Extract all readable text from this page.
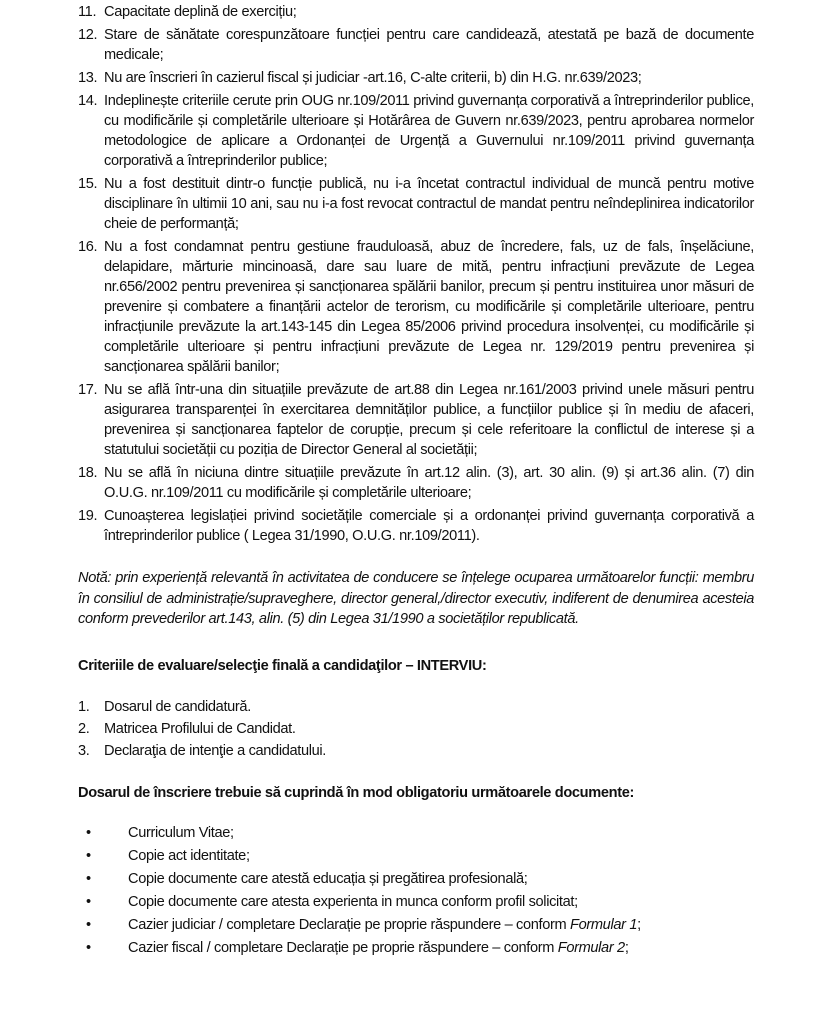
11. Capacitate deplină de exercițiu;
12. Stare de sănătate corespunzătoare funcției pentru care candidează, atestată pe bază de documente medicale;
13. Nu are înscrieri în cazierul fiscal și judiciar -art.16, C-alte criterii, b) din H.G. nr.639/2023;
14. Indeplinește criteriile cerute prin OUG nr.109/2011 privind guvernanța corporativă a întreprinderilor publice, cu modificările și completările ulterioare și Hotărârea de Guvern nr.639/2023, pentru aprobarea normelor metodologice de aplicare a Ordonanței de Urgență a Guvernului nr.109/2011 privind guvernanța corporativă a întreprinderilor publice;
15. Nu a fost destituit dintr-o funcție publică, nu i-a încetat contractul individual de muncă pentru motive disciplinare în ultimii 10 ani, sau nu i-a fost revocat contractul de mandat pentru neîndeplinirea indicatorilor cheie de performanță;
16. Nu a fost condamnat pentru gestiune frauduloasă, abuz de încredere, fals, uz de fals, înșelăciune, delapidare, mărturie mincinoasă, dare sau luare de mită, pentru infracțiuni prevăzute de Legea nr.656/2002 pentru prevenirea și sancționarea spălării banilor, precum și pentru instituirea unor măsuri de prevenire și combatere a finanțării actelor de terorism, cu modificările și completările ulterioare, pentru infracțiunile prevăzute la art.143-145 din Legea 85/2006 privind procedura insolvenței, cu modificările și completările ulterioare și pentru infracțiuni prevăzute de Legea nr. 129/2019 pentru prevenirea și sancționarea spălării banilor;
17. Nu se află într-una din situațiile prevăzute de art.88 din Legea nr.161/2003 privind unele măsuri pentru asigurarea transparenței în exercitarea demnităților publice, a funcțiilor publice și în mediu de afaceri, prevenirea și sancționarea faptelor de corupție, precum și cele referitoare la conflictul de interese și a statutului societății cu poziția de Director General al societății;
18. Nu se află în niciuna dintre situațiile prevăzute în art.12 alin. (3), art. 30 alin. (9) și art.36 alin. (7) din O.U.G. nr.109/2011 cu modificările și completările ulterioare;
19. Cunoașterea legislației privind societățile comerciale și a ordonanței privind guvernanța corporativă a întreprinderilor publice ( Legea 31/1990, O.U.G. nr.109/2011).

Notă: prin experiență relevantă în activitatea de conducere se înțelege ocuparea următoarelor funcții: membru în consiliul de administrație/supraveghere, director general,/director executiv, indiferent de denumirea acesteia conform prevederilor art.143, alin. (5) din Legea 31/1990 a societăților republicată.

Criteriile de evaluare/selecţie finală a candidaţilor – INTERVIU:
1. Dosarul de candidatură.
2. Matricea Profilului de Candidat.
3. Declaraţia de intenţie a candidatului.
Dosarul de înscriere trebuie să cuprindă în mod obligatoriu următoarele documente:
•	Curriculum Vitae;
•	Copie act identitate;
•	Copie documente care atestă educația și pregătirea profesională;
•	Copie documente care atesta experienta in munca conform profil solicitat;
•	Cazier judiciar / completare Declarație pe proprie răspundere – conform Formular 1;
•	Cazier fiscal / completare Declarație pe proprie răspundere – conform Formular 2;
